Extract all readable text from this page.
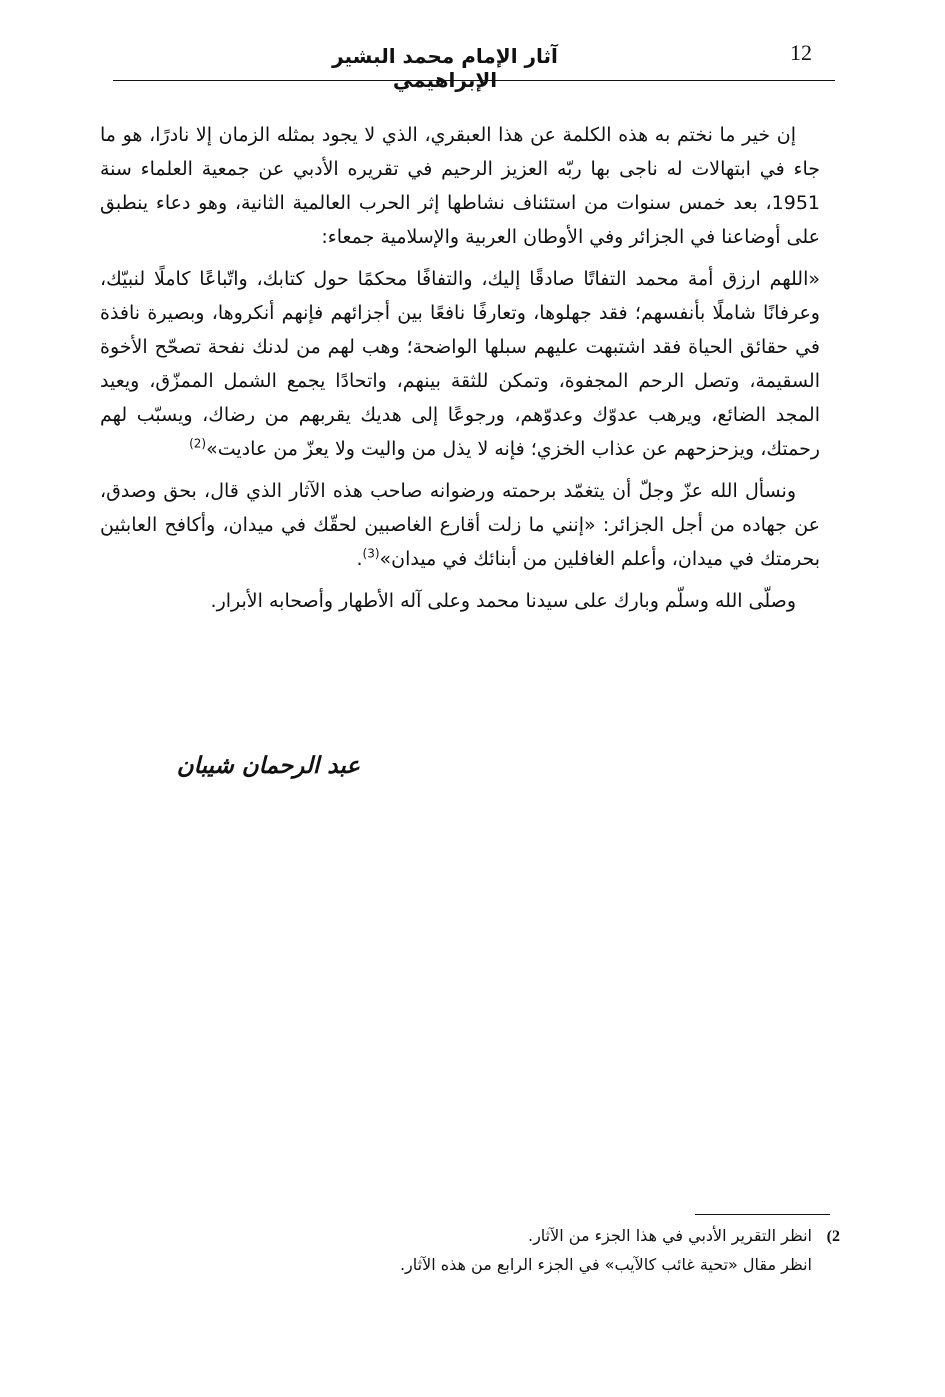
12
آثار الإمام محمد البشير الإبراهيمي

إن خير ما نختم به هذه الكلمة عن هذا العبقري، الذي لا يجود بمثله الزمان إلا نادرًا، هو ما جاء في ابتهالات له ناجى بها ربّه العزيز الرحيم في تقريره الأدبي عن جمعية العلماء سنة 1951، بعد خمس سنوات من استئناف نشاطها إثر الحرب العالمية الثانية، وهو دعاء ينطبق على أوضاعنا في الجزائر وفي الأوطان العربية والإسلامية جمعاء:

«اللهم ارزق أمة محمد التفاتًا صادقًا إليك، والتفافًا محكمًا حول كتابك، واتّباعًا كاملًا لنبيّك، وعرفانًا شاملًا بأنفسهم؛ فقد جهلوها، وتعارفًا نافعًا بين أجزائهم فإنهم أنكروها، وبصيرة نافذة في حقائق الحياة فقد اشتبهت عليهم سبلها الواضحة؛ وهب لهم من لدنك نفحة تصحّح الأخوة السقيمة، وتصل الرحم المجفوة، وتمكن للثقة بينهم، واتحادًا يجمع الشمل الممزّق، ويعيد المجد الضائع، ويرهب عدوّك وعدوّهم، ورجوعًا إلى هديك يقربهم من رضاك، ويسبّب لهم رحمتك، ويزحزحهم عن عذاب الخزي؛ فإنه لا يذل من واليت ولا يعزّ من عاديت»$^{(2)}$

ونسأل الله عزّ وجلّ أن يتغمّد برحمته ورضوانه صاحب هذه الآثار الذي قال، بحق وصدق، عن جهاده من أجل الجزائر: «إنني ما زلت أقارع الغاصبين لحقّك في ميدان، وأكافح العابثين بحرمتك في ميدان، وأعلم الغافلين من أبنائك في ميدان»$^{(3)}$.

وصلّى الله وسلّم وبارك على سيدنا محمد وعلى آله الأطهار وأصحابه الأبرار.

عبد الرحمان شيبان
2)انظر التقرير الأدبي في هذا الجزء من الآثار.
انظر مقال «تحية غائب كالآيب» في الجزء الرابع من هذه الآثار.
